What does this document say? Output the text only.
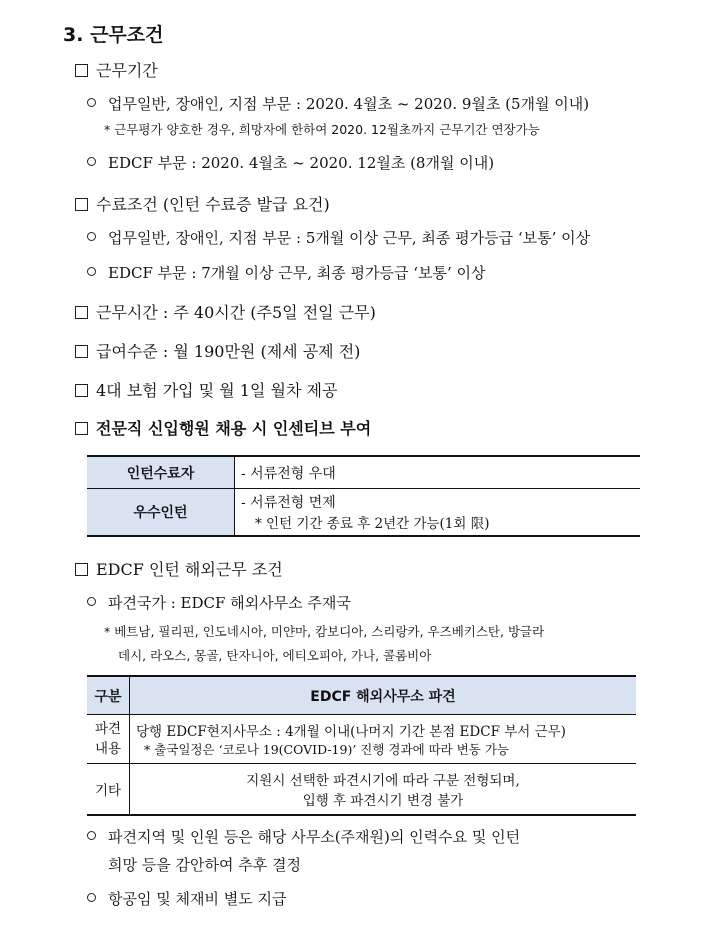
3. 근무조건
근무기간
업무일반, 장애인, 지점 부문 : 2020. 4월초 ~ 2020. 9월초 (5개월 이내)
* 근무평가 양호한 경우, 희망자에 한하여 2020. 12월초까지 근무기간 연장가능
EDCF 부문 : 2020. 4월초 ~ 2020. 12월초 (8개월 이내)
수료조건 (인턴 수료증 발급 요건)
업무일반, 장애인, 지점 부문 : 5개월 이상 근무, 최종 평가등급 ‘보통’ 이상
EDCF 부문 : 7개월 이상 근무, 최종 평가등급 ‘보통’ 이상
근무시간 : 주 40시간 (주5일 전일 근무)
급여수준 : 월 190만원 (제세 공제 전)
4대 보험 가입 및 월 1일 월차 제공
전문직 신입행원 채용 시 인센티브 부여
인턴수료자	- 서류전형 우대
우수인턴	- 서류전형 면제
* 인턴 기간 종료 후 2년간 가능(1회 限)
EDCF 인턴 해외근무 조건
파견국가 : EDCF 해외사무소 주재국
* 베트남, 필리핀, 인도네시아, 미얀마, 캄보디아, 스리랑카, 우즈베키스탄, 방글라
데시, 라오스, 몽골, 탄자니아, 에티오피아, 가나, 콜롬비아
구분	EDCF 해외사무소 파견
파견 내용	당행 EDCF현지사무소 : 4개월 이내(나머지 기간 본점 EDCF 부서 근무)
* 출국일정은 ‘코로나 19(COVID-19)’ 진행 경과에 따라 변동 가능

기타	지원시 선택한 파견시기에 따라 구분 전형되며,
입행 후 파견시기 변경 불가
파견지역 및 인원 등은 해당 사무소(주재원)의 인력수요 및 인턴
희망 등을 감안하여 추후 결정
항공임 및 체재비 별도 지급
